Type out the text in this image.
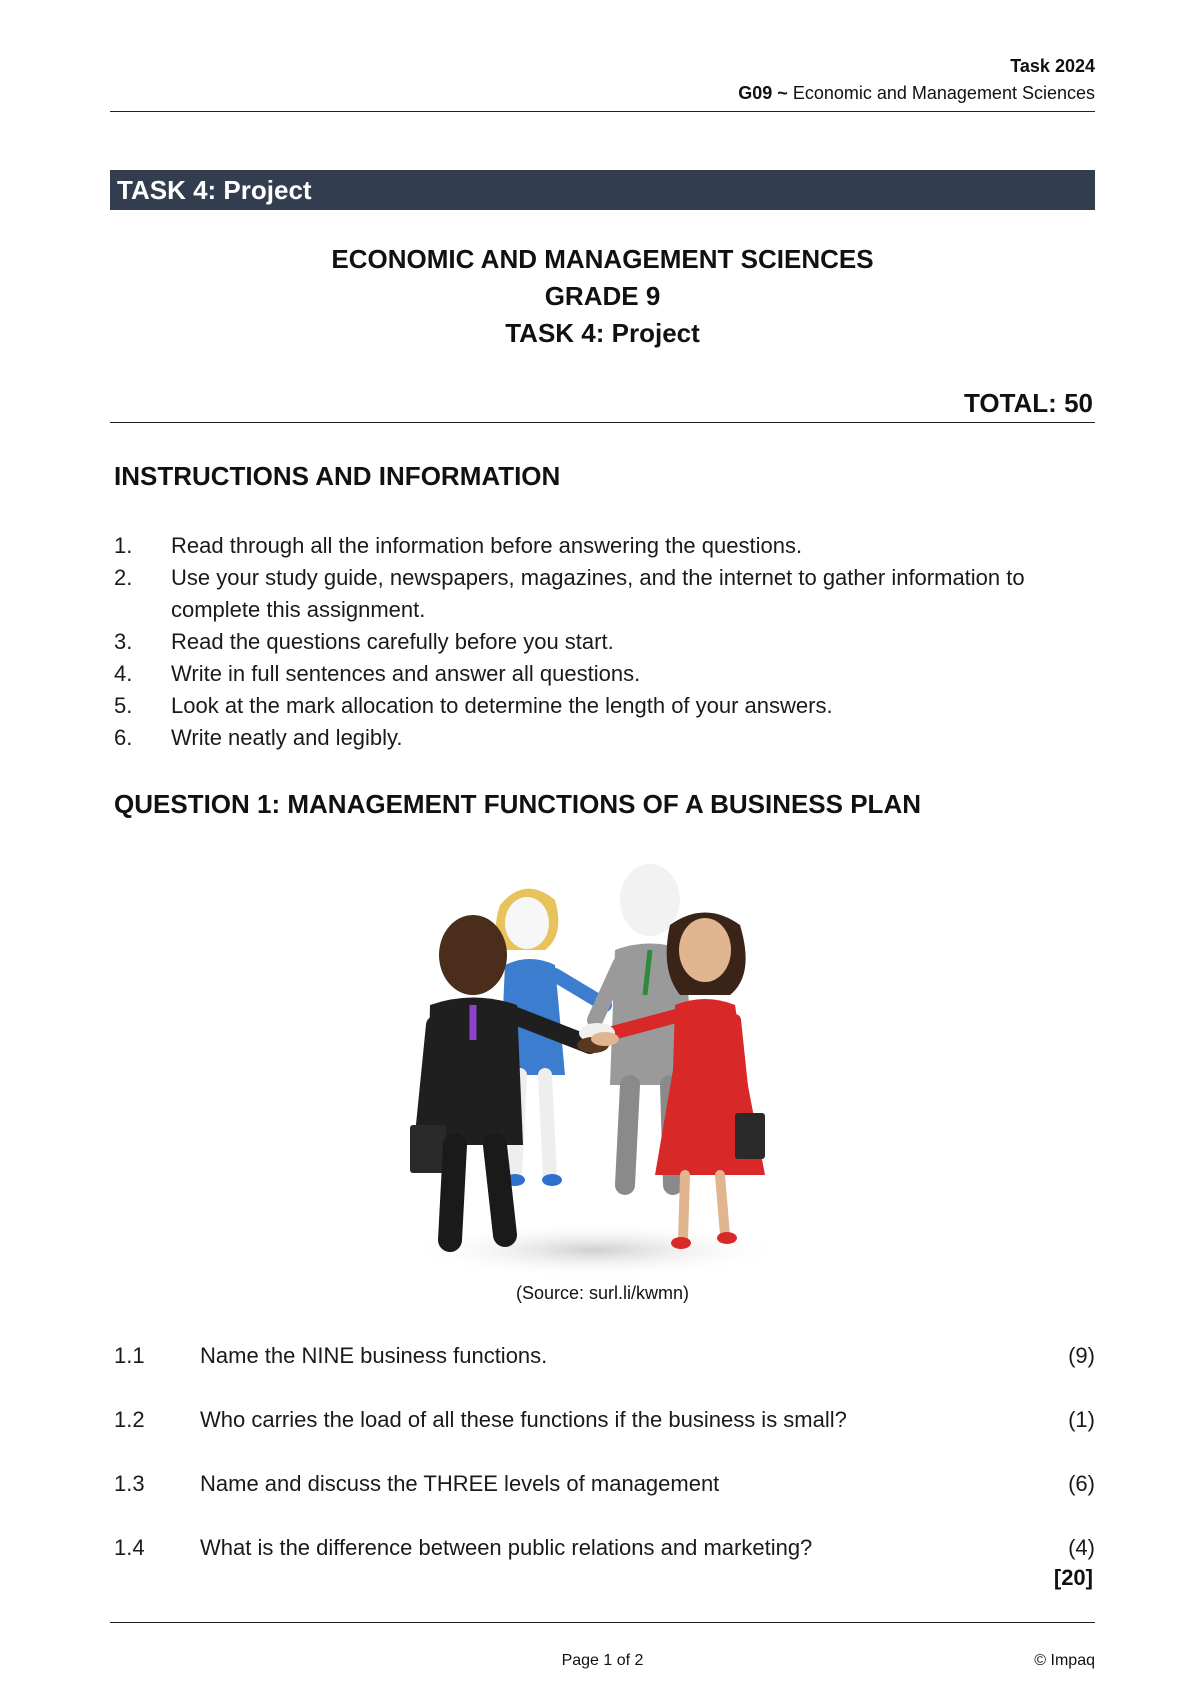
Task 2024
G09 ~ Economic and Management Sciences
TASK 4: Project
ECONOMIC AND MANAGEMENT SCIENCES
GRADE 9
TASK 4: Project
TOTAL: 50
INSTRUCTIONS AND INFORMATION
1. Read through all the information before answering the questions.
2. Use your study guide, newspapers, magazines, and the internet to gather information to complete this assignment.
3. Read the questions carefully before you start.
4. Write in full sentences and answer all questions.
5. Look at the mark allocation to determine the length of your answers.
6. Write neatly and legibly.
QUESTION 1: MANAGEMENT FUNCTIONS OF A BUSINESS PLAN
(Source: surl.li/kwmn)
1.1	Name the NINE business functions.	(9)
1.2	Who carries the load of all these functions if the business is small?	(1)
1.3	Name and discuss the THREE levels of management	(6)
1.4	What is the difference between public relations and marketing?	(4)
[20]
Page 1 of 2	© Impaq
